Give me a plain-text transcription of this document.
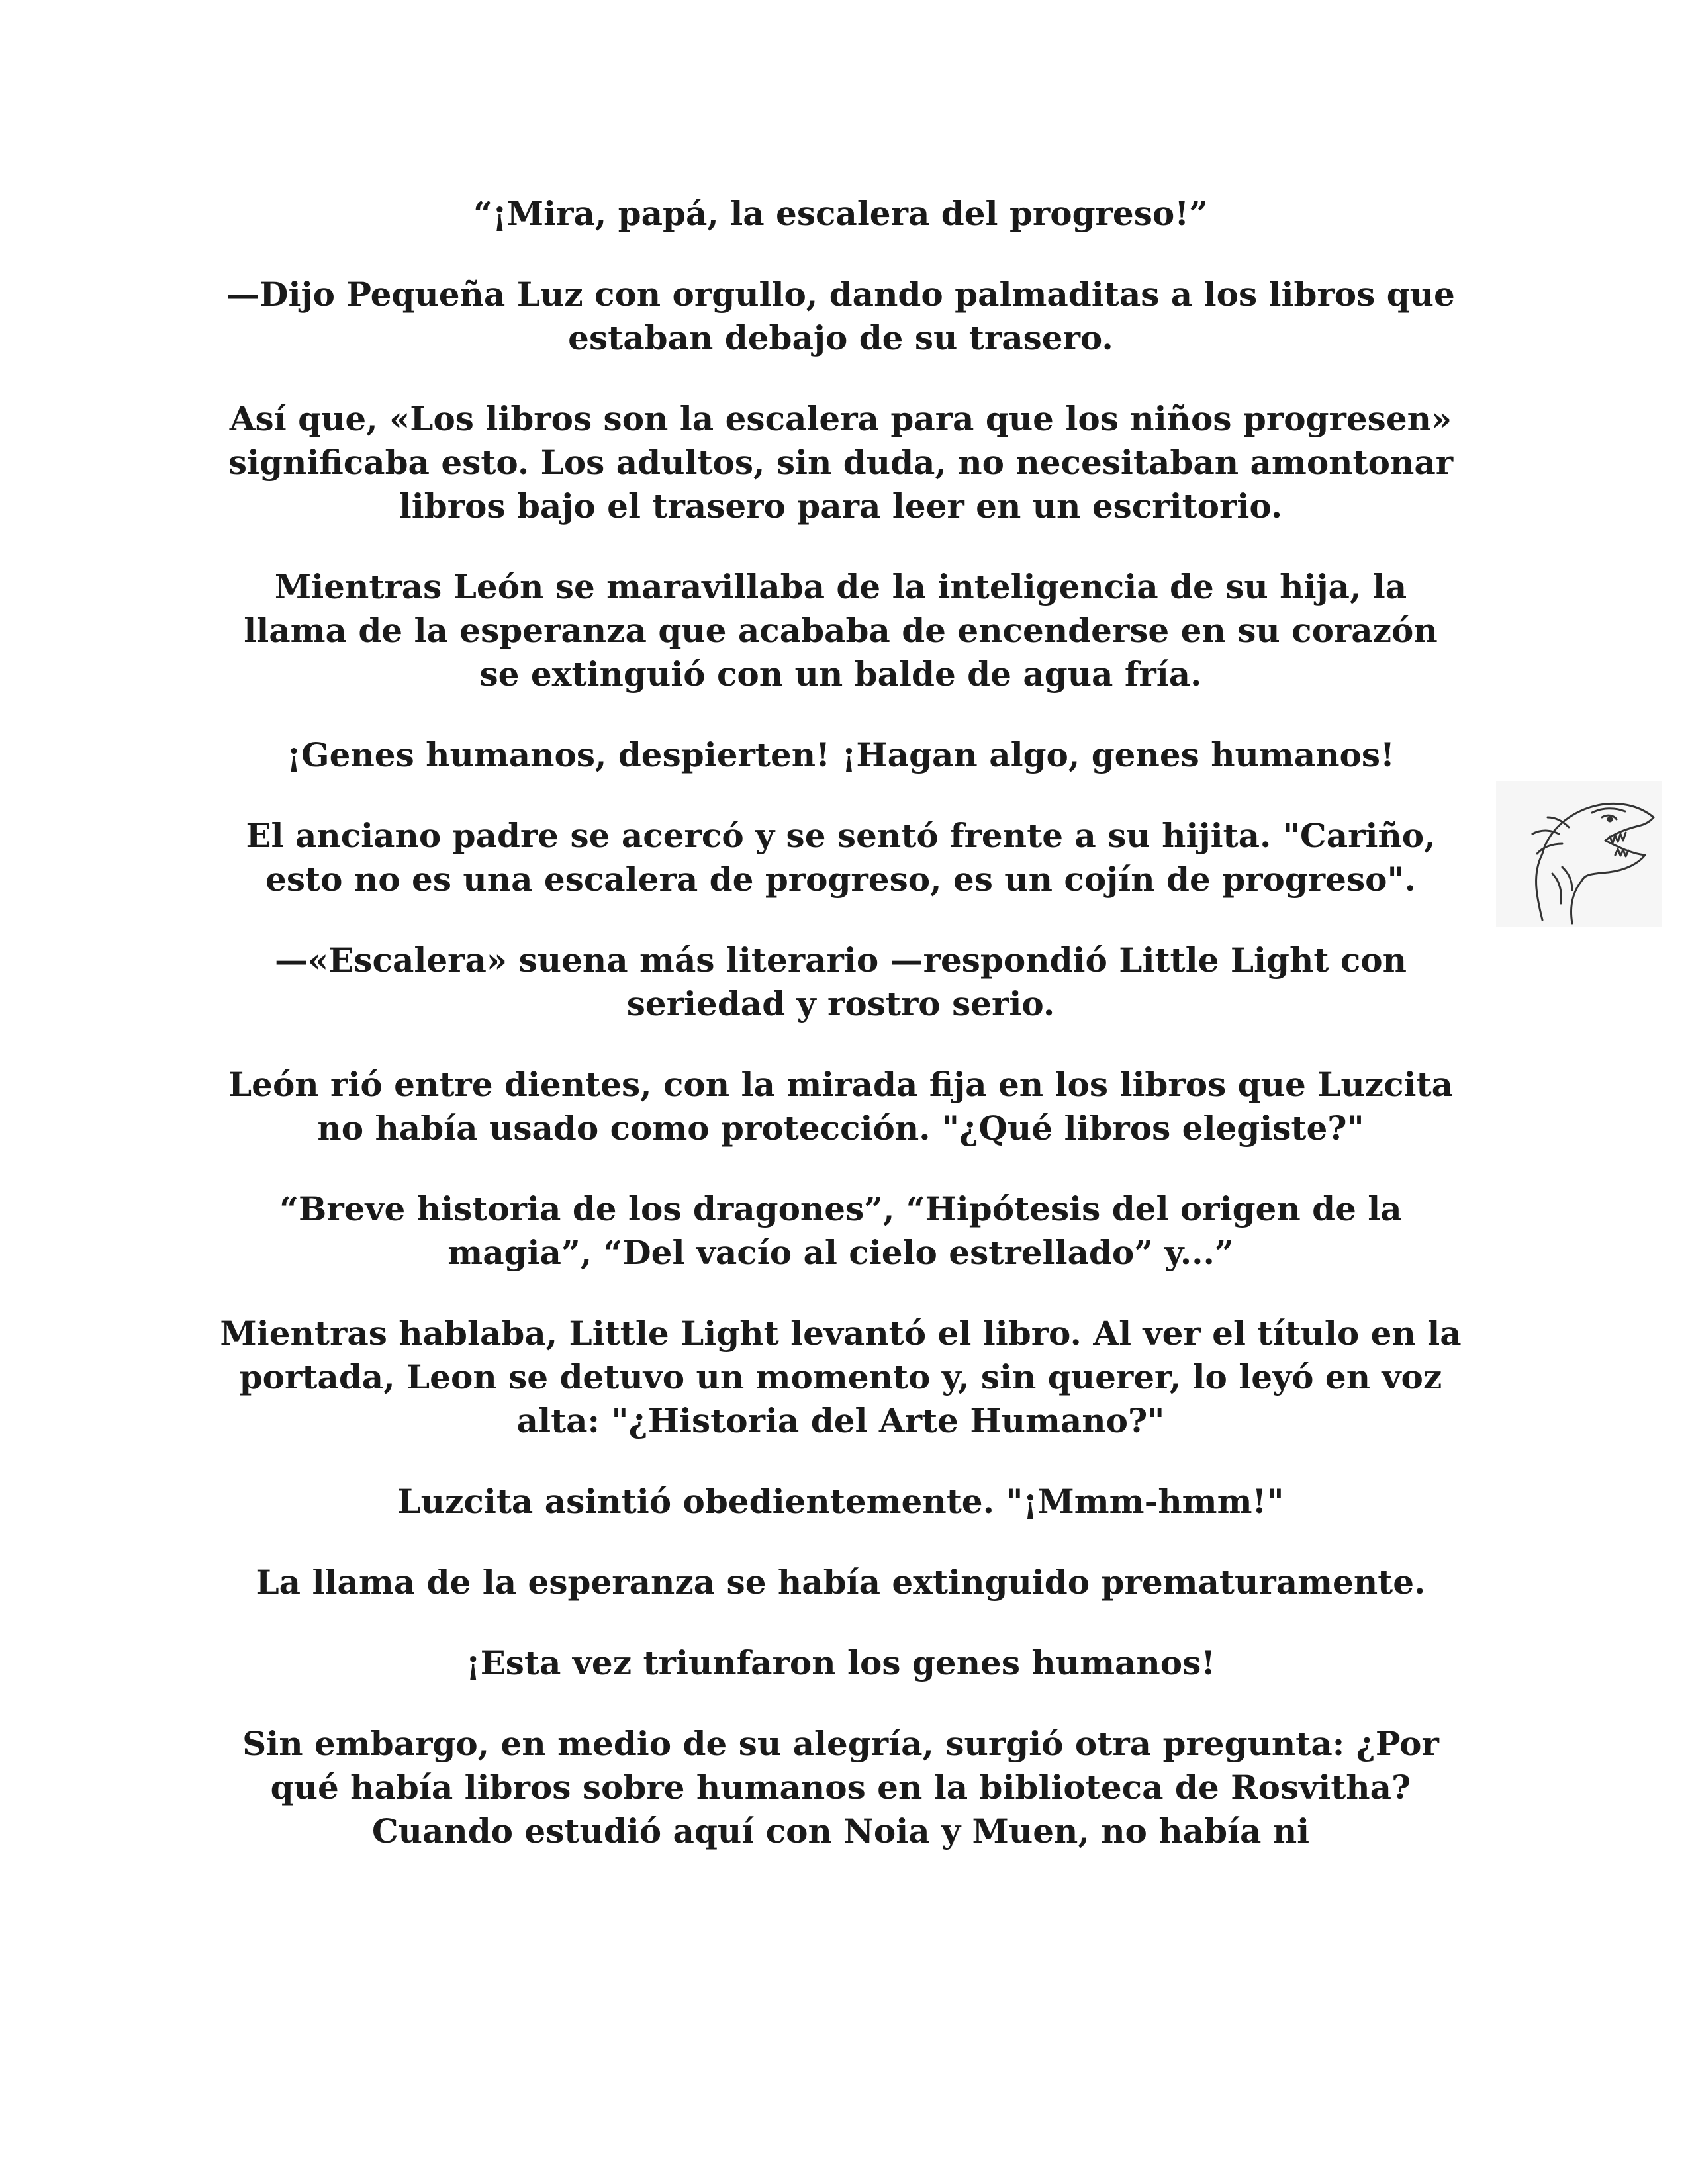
“¡Mira, papá, la escalera del progreso!”

—Dijo Pequeña Luz con orgullo, dando palmaditas a los libros que estaban debajo de su trasero.

Así que, «Los libros son la escalera para que los niños progresen» significaba esto. Los adultos, sin duda, no necesitaban amontonar libros bajo el trasero para leer en un escritorio.

Mientras León se maravillaba de la inteligencia de su hija, la llama de la esperanza que acababa de encenderse en su corazón se extinguió con un balde de agua fría.

¡Genes humanos, despierten! ¡Hagan algo, genes humanos!

El anciano padre se acercó y se sentó frente a su hijita. "Cariño, esto no es una escalera de progreso, es un cojín de progreso".

—«Escalera» suena más literario —respondió Little Light con seriedad y rostro serio.

León rió entre dientes, con la mirada fija en los libros que Luzcita no había usado como protección. "¿Qué libros elegiste?"

“Breve historia de los dragones”, “Hipótesis del origen de la magia”, “Del vacío al cielo estrellado” y...”

Mientras hablaba, Little Light levantó el libro. Al ver el título en la portada, Leon se detuvo un momento y, sin querer, lo leyó en voz alta: "¿Historia del Arte Humano?"

Luzcita asintió obedientemente. "¡Mmm-hmm!"

La llama de la esperanza se había extinguido prematuramente.

¡Esta vez triunfaron los genes humanos!

Sin embargo, en medio de su alegría, surgió otra pregunta: ¿Por qué había libros sobre humanos en la biblioteca de Rosvitha? Cuando estudió aquí con Noia y Muen, no había ni
